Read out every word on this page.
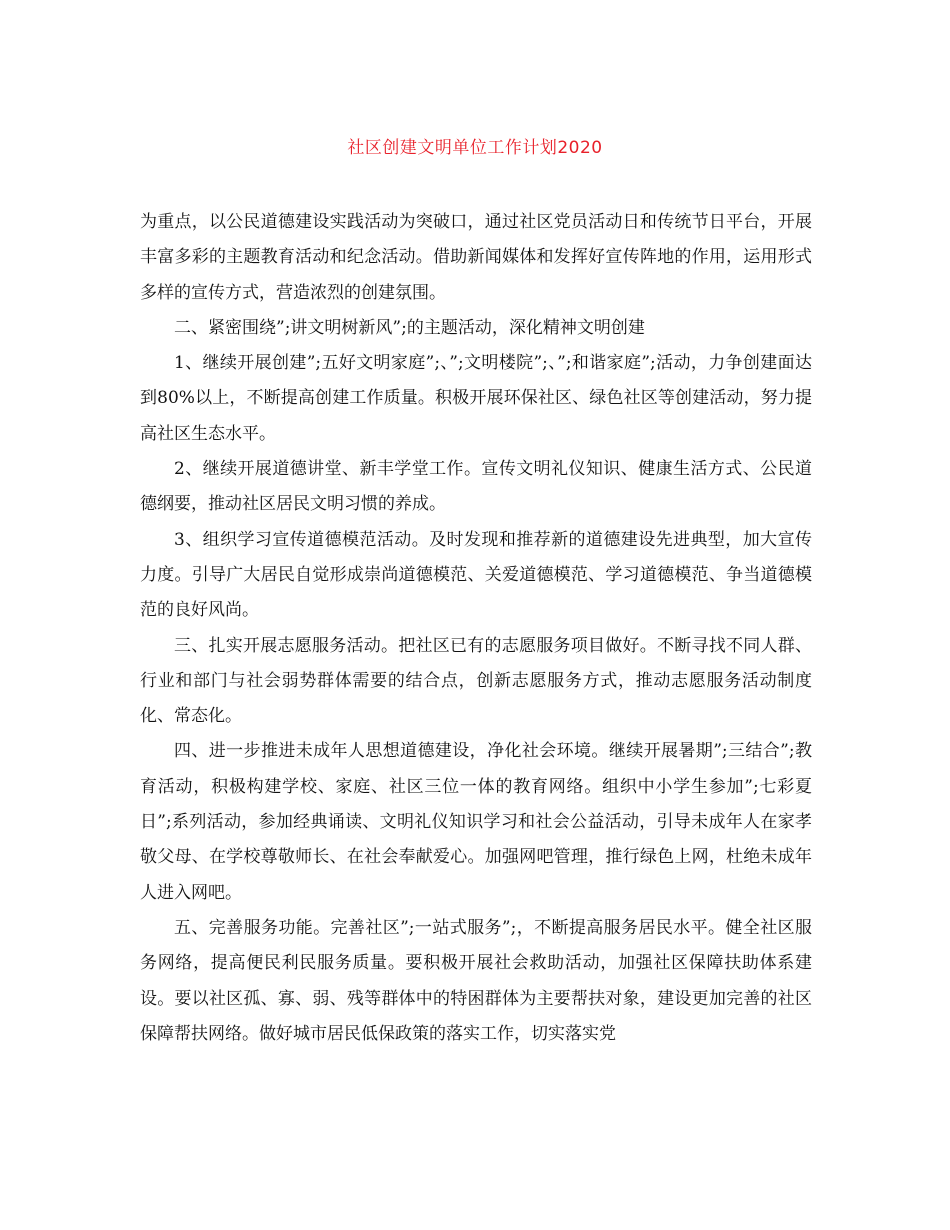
社区创建文明单位工作计划2020

为重点，以公民道德建设实践活动为突破口，通过社区党员活动日和传统节日平台，开展丰富多彩的主题教育活动和纪念活动。借助新闻媒体和发挥好宣传阵地的作用，运用形式多样的宣传方式，营造浓烈的创建氛围。

二、紧密围绕”;讲文明树新风”;的主题活动，深化精神文明创建

1、继续开展创建”;五好文明家庭”;、”;文明楼院”;、”;和谐家庭”;活动，力争创建面达到80%以上，不断提高创建工作质量。积极开展环保社区、绿色社区等创建活动，努力提高社区生态水平。

2、继续开展道德讲堂、新丰学堂工作。宣传文明礼仪知识、健康生活方式、公民道德纲要，推动社区居民文明习惯的养成。

3、组织学习宣传道德模范活动。及时发现和推荐新的道德建设先进典型，加大宣传力度。引导广大居民自觉形成崇尚道德模范、关爱道德模范、学习道德模范、争当道德模范的良好风尚。

三、扎实开展志愿服务活动。把社区已有的志愿服务项目做好。不断寻找不同人群、行业和部门与社会弱势群体需要的结合点，创新志愿服务方式，推动志愿服务活动制度化、常态化。

四、进一步推进未成年人思想道德建设，净化社会环境。继续开展暑期”;三结合”;教育活动，积极构建学校、家庭、社区三位一体的教育网络。组织中小学生参加”;七彩夏日”;系列活动，参加经典诵读、文明礼仪知识学习和社会公益活动，引导未成年人在家孝敬父母、在学校尊敬师长、在社会奉献爱心。加强网吧管理，推行绿色上网，杜绝未成年人进入网吧。

五、完善服务功能。完善社区”;一站式服务”;，不断提高服务居民水平。健全社区服务网络，提高便民利民服务质量。要积极开展社会救助活动，加强社区保障扶助体系建设。要以社区孤、寡、弱、残等群体中的特困群体为主要帮扶对象，建设更加完善的社区保障帮扶网络。做好城市居民低保政策的落实工作，切实落实党
